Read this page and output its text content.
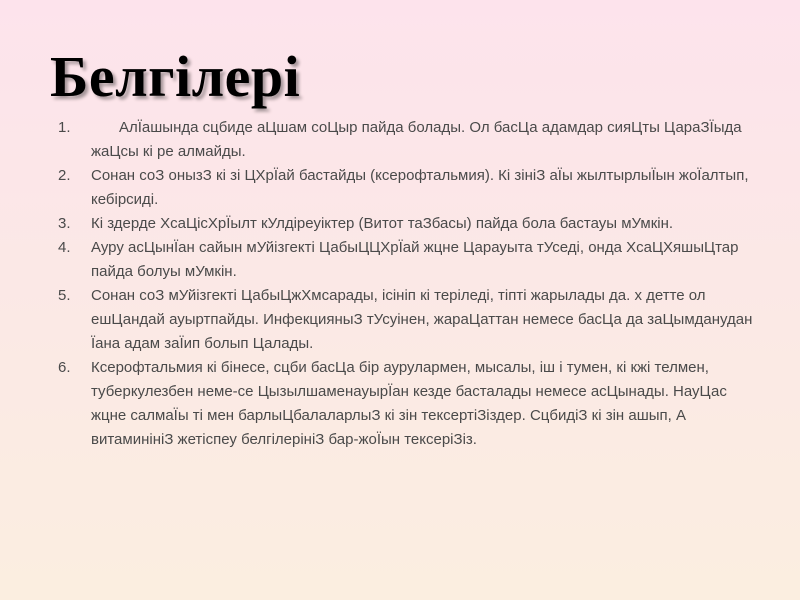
Белгілері
1.	АлЇашында сцбиде аЦшам соЦыр пайда болады. Ол басЦа адамдар сияЦты ЦараЗЇыда жаЦсы кі ре алмайды.
2.	Сонан соЗ онызЗ кі зі ЦХрЇай бастайды (ксерофтальмия). Кі зініЗ аЇы жылтырлыЇын жоЇалтып, кебірсиді.
3.	Кі здерде ХсаЦісХрЇылт кУлдіреуіктер (Витот таЗбасы) пайда бола бастауы мУмкін.
4.	Ауру асЦынЇан сайын мУйізгекті ЦабыЦЦХрЇай жцне Царауыта тУседі, онда ХсаЦХяшыЦтар пайда болуы мУмкін.
5.	Сонан соЗ мУйізгекті ЦабыЦжХмсарады, ісініп кі теріледі, тіпті жарылады да. х детте ол ешЦандай ауыртпайды. ИнфекцияныЗ тУсуінен, жараЦаттан немесе басЦа да заЦымданудан Їана адам заЇип болып Цалады.
6.	Ксерофтальмия кі бінесе, сцби басЦа бір аурулармен, мысалы, іш і тумен, кі кжі телмен, туберкулезбен неме-се ЦызылшаменауырЇан кезде басталады немесе асЦынады. НауЦас жцне салмаЇы ті мен барлыЦбалаларлыЗ кі зін тексертіЗіздер. СцбидіЗ кі зін ашып, А витаминініЗ жетіспеу белгілерініЗ бар-жоЇын тексеріЗіз.
